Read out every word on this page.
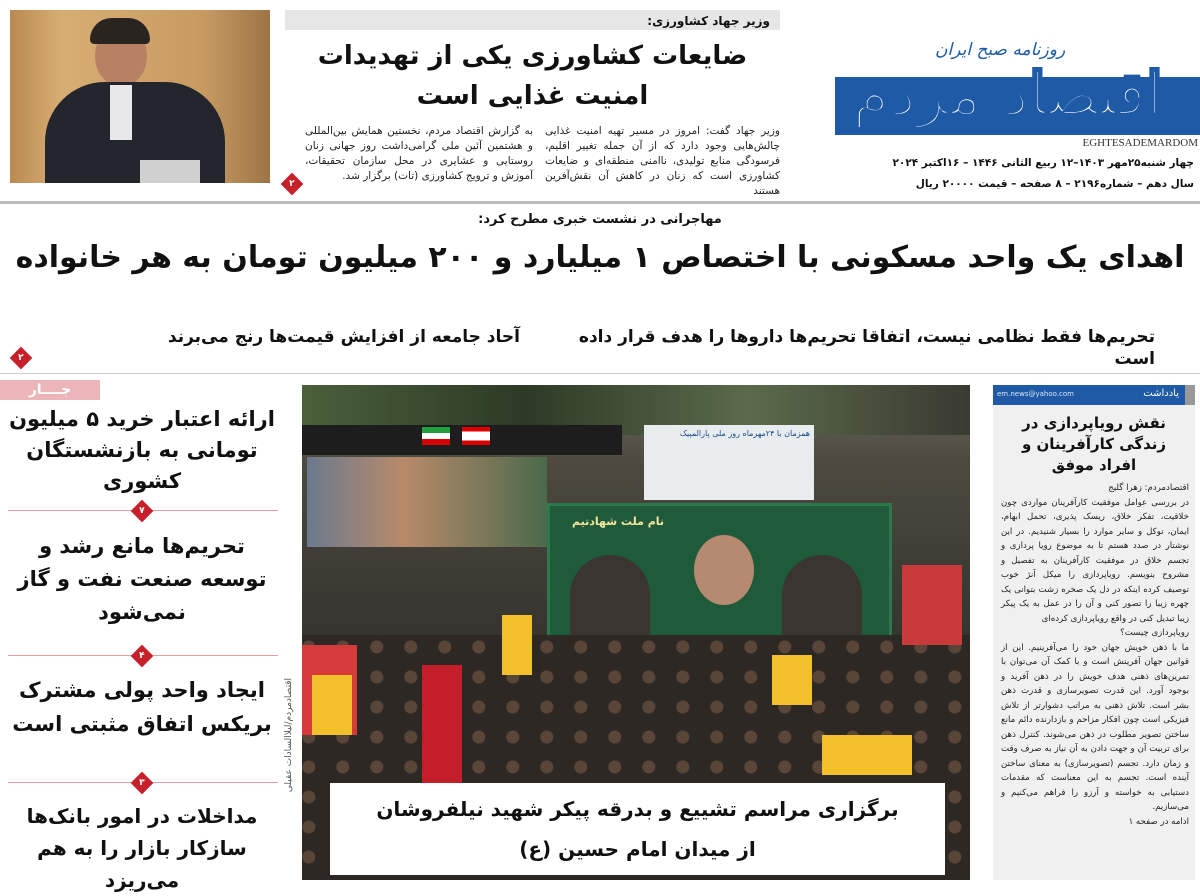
وزیر جهاد کشاورزی:
ضایعات کشاورزی یکی از تهدیدات
امنیت غذایی است
وزیر جهاد گفت: امروز در مسیر تهیه امنیت غذایی چالش‌هایی وجود دارد که از آن جمله تغییر اقلیم، فرسودگی منابع تولیدی، ناامنی منطقه‌ای و ضایعات کشاورزی است که زنان در کاهش آن نقش‌آفرین هستند
به گزارش اقتصاد مردم، نخستین همایش بین‌المللی و هشتمین آئین ملی گرامی‌داشت روز جهانی زنان روستایی و عشایری در محل سازمان تحقیقات، آموزش و ترویج کشاورزی (تات) برگزار شد.
۲
روزنامه صبح ایران
اقتصاد مردم
EGHTESADEMARDOM
چهار شنبه۲۵مهر ۱۴۰۳–۱۲ ربیع الثانی ۱۴۴۶ – ۱۶اکتبر ۲۰۲۴
سال دهم – شماره۲۱۹۶ – ۸ صفحه – قیمت ۲۰۰۰۰ ریال
مهاجرانی در نشست خبری مطرح کرد:
اهدای یک واحد مسکونی با اختصاص ۱ میلیارد و ۲۰۰ میلیون تومان به هر خانواده
تحریم‌ها فقط نظامی نیست، اتفاقا تحریم‌ها داروها را هدف قرار داده است
آحاد جامعه از افزایش قیمت‌ها رنج می‌برند
۲
جــــار
ارائه اعتبار خرید ۵ میلیون تومانی به بازنشستگان کشوری
۷
تحریم‌ها مانع رشد و توسعه صنعت نفت و گاز نمی‌شود
۴
ایجاد واحد پولی مشترک بریکس اتفاق مثبتی است
۳
مداخلات در امور بانک‌ها سازکار بازار را به هم می‌ریزد
اقتصادمردم/لیلاالسادات عقیلی
همزمان با ۲۴مهرماه روز ملی پارالمپیک
نام ملت شهادتیم
برگزاری مراسم تشییع و بدرقه پیکر شهید نیلفروشان
از میدان امام حسین (ع)
یادداشت
em.news@yahoo.com
نقش رویاپردازی در زندگی کارآفرینان و افراد موفق
اقتصادمردم: زهرا گلیج
در بررسی عوامل موفقیت کارآفرینان مواردی چون خلاقیت، تفکر خلاق، ریسک پذیری، تحمل ابهام، ایمان، توکل و سایر موارد را بسیار شنیدیم. در این نوشتار در صدد هستم تا به موضوع رویا پردازی و تجسم خلاق در موفقیت کارآفرینان به تفصیل و مشروح بنویسم. رویاپردازی را میکل آنژ خوب توصیف کرده اینکه در دل یک صخره زشت بتوانی یک چهره زیبا را تصور کنی و آن را در عمل به یک پیکر زیبا تبدیل کنی در واقع رویاپردازی کرده‌ای
رویاپردازی چیست؟
ما با ذهن خویش جهان خود را می‌آفرینیم. این از قوانین جهان آفرینش است و با کمک آن می‌توان با تمرین‌های ذهنی هدف خویش را در ذهن آفرید و بوجود آورد. این قدرت تصویرسازی و قدرت ذهن بشر است. تلاش ذهنی به مراتب دشوارتر از تلاش فیزیکی است چون افکار مزاحم و بازدارنده دائم مانع ساختن تصویر مطلوب در ذهن می‌شوند. کنترل ذهن برای تربیت آن و جهت دادن به آن نیاز به صرف وقت و زمان دارد. تجسم (تصویرسازی) به معنای ساختن آینده است. تجسم به این معناست که مقدمات دستیابی به خواسته و آرزو را فراهم می‌کنیم و می‌سازیم.
ادامه در صفحه ۱
